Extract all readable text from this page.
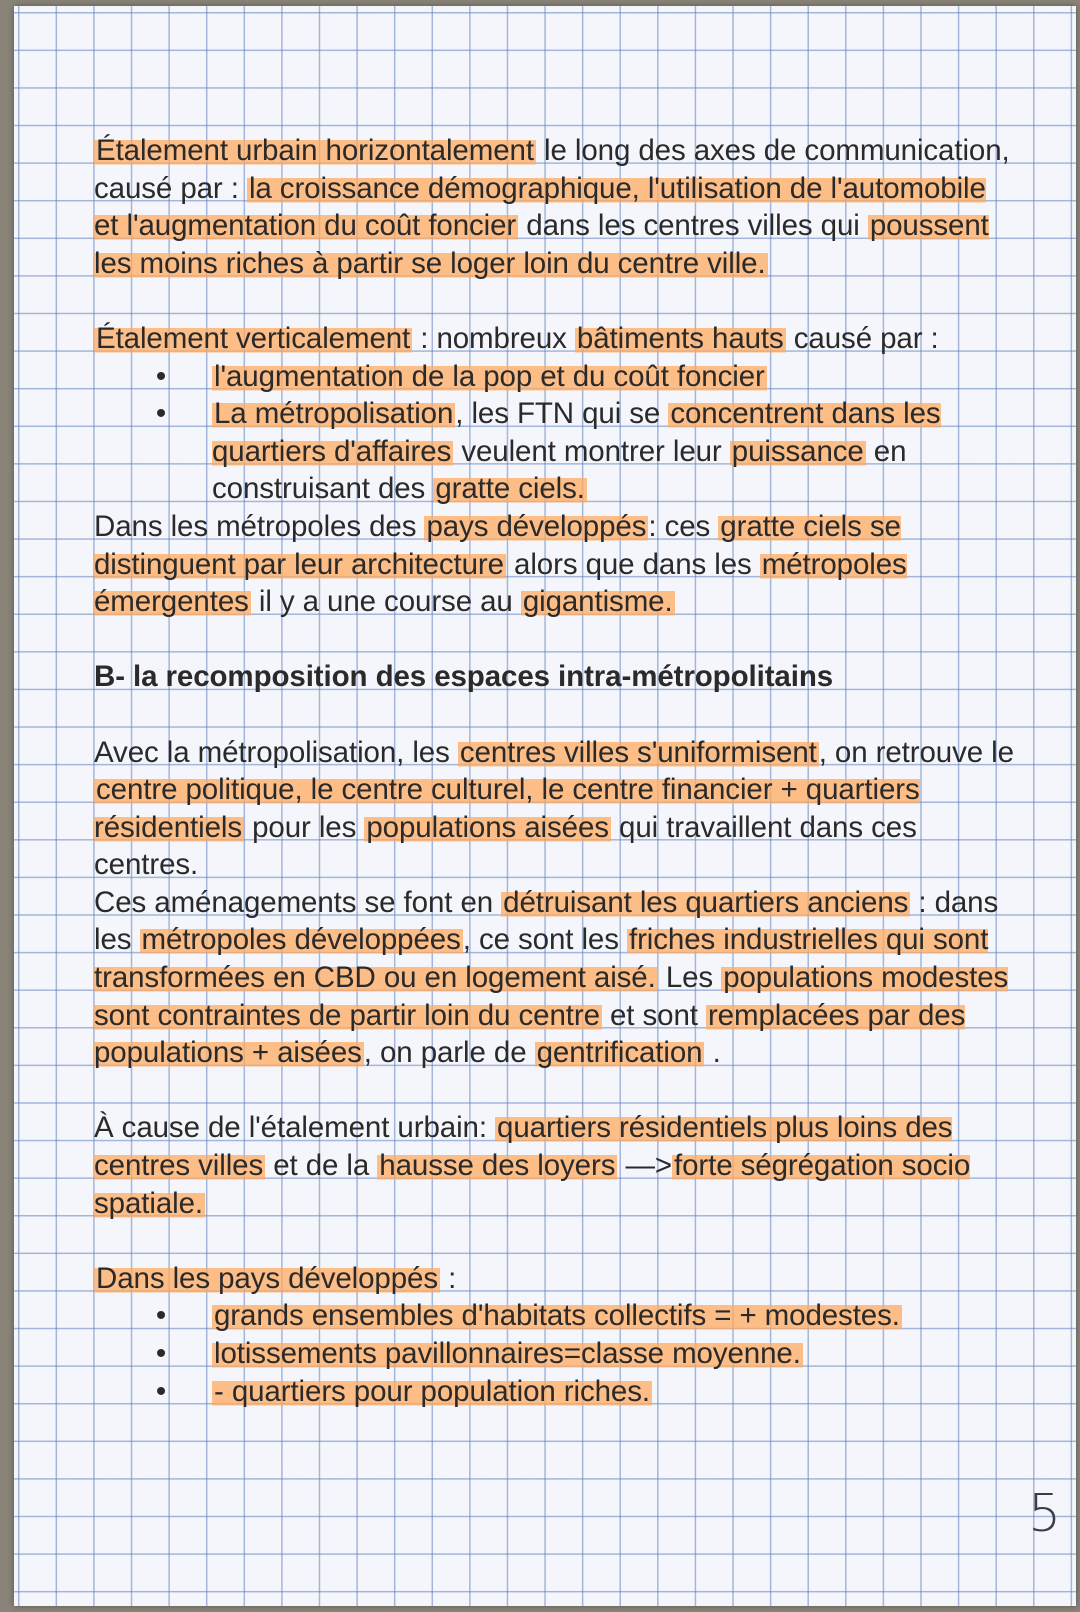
Étalement urbain horizontalement le long des axes de communication, causé par : la croissance démographique, l'utilisation de l'automobile et l'augmentation du coût foncier dans les centres villes qui poussent les moins riches à partir se loger loin du centre ville.

Étalement verticalement : nombreux bâtiments hauts causé par :

•	l'augmentation de la pop et du coût foncier
•	La métropolisation, les FTN qui se concentrent dans les quartiers d'affaires veulent montrer leur puissance en construisant des gratte ciels.

Dans les métropoles des pays développés: ces gratte ciels se distinguent par leur architecture alors que dans les métropoles émergentes il y a une course au gigantisme.

B- la recomposition des espaces intra-métropolitains

Avec la métropolisation, les centres villes s'uniformisent, on retrouve le centre politique, le centre culturel, le centre financier + quartiers résidentiels pour les populations aisées qui travaillent dans ces centres.

Ces aménagements se font en détruisant les quartiers anciens : dans les métropoles développées, ce sont les friches industrielles qui sont transformées en CBD ou en logement aisé. Les populations modestes sont contraintes de partir loin du centre et sont remplacées par des populations + aisées, on parle de gentrification .

À cause de l'étalement urbain: quartiers résidentiels plus loins des centres villes et de la hausse des loyers —>forte ségrégation socio spatiale.

Dans les pays développés :

•	grands ensembles d'habitats collectifs = + modestes.
•	lotissements pavillonnaires=classe moyenne.
•	- quartiers pour population riches.
5
